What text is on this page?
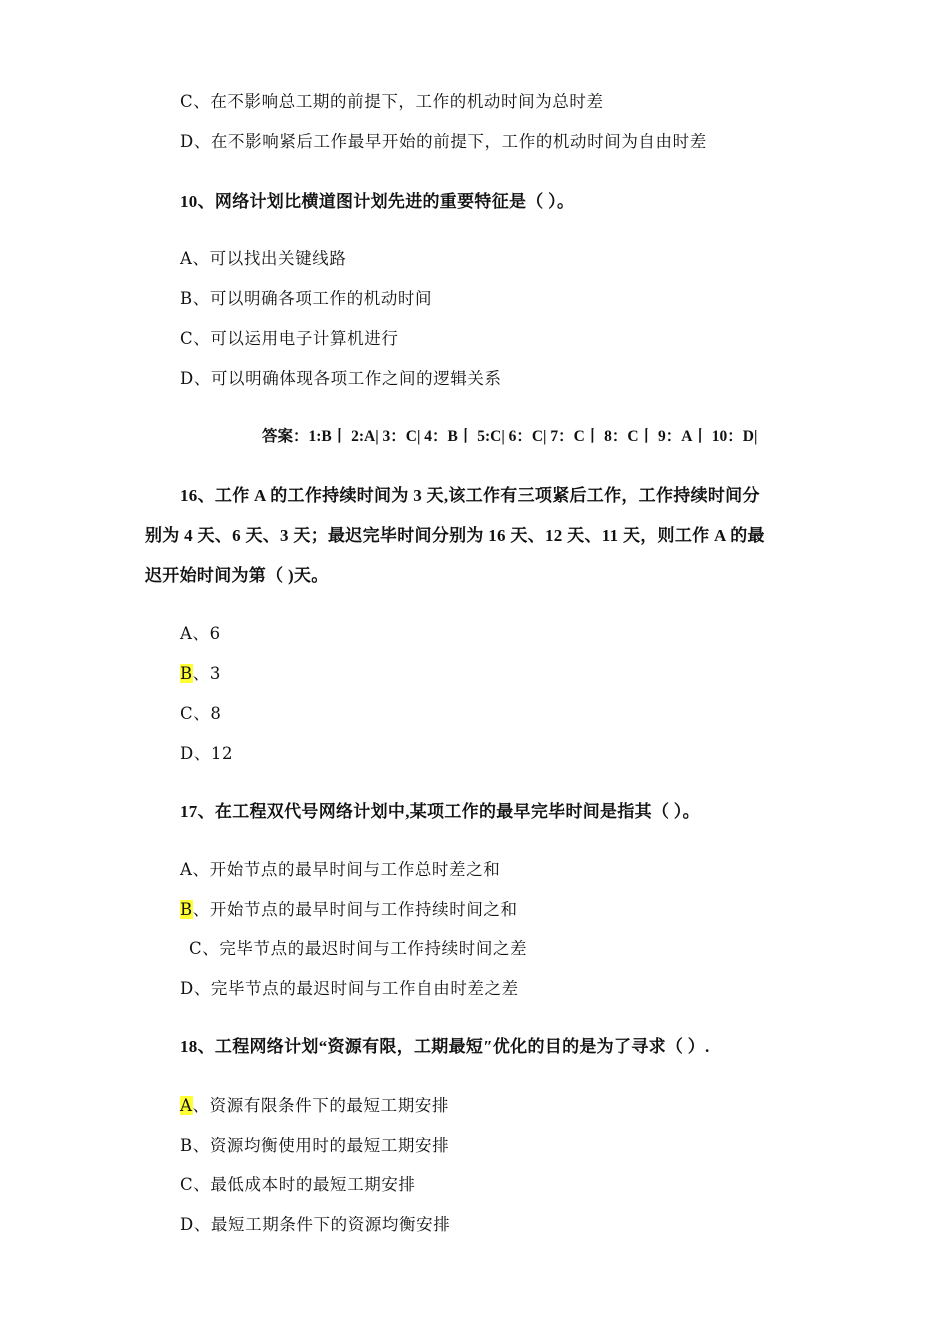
C、在不影响总工期的前提下，工作的机动时间为总时差
D、在不影响紧后工作最早开始的前提下，工作的机动时间为自由时差
10、网络计划比横道图计划先进的重要特征是（ ）。
A、可以找出关键线路
B、可以明确各项工作的机动时间
C、可以运用电子计算机进行
D、可以明确体现各项工作之间的逻辑关系
答案：1:B丨 2:A| 3：C| 4：B丨 5:C| 6：C| 7：C丨 8：C丨 9：A丨 10：D|
16、工作 A 的工作持续时间为 3 天,该工作有三项紧后工作，工作持续时间分
别为 4 天、6 天、3 天；最迟完毕时间分别为 16 天、12 天、11 天，则工作 A 的最
迟开始时间为第（ )天。
A、6
B、3
C、8
D、12
17、在工程双代号网络计划中,某项工作的最早完毕时间是指其（ ）。
A、开始节点的最早时间与工作总时差之和
B、开始节点的最早时间与工作持续时间之和
C、完毕节点的最迟时间与工作持续时间之差
D、完毕节点的最迟时间与工作自由时差之差
18、工程网络计划“资源有限，工期最短″优化的目的是为了寻求（ ）.
A、资源有限条件下的最短工期安排
B、资源均衡使用时的最短工期安排
C、最低成本时的最短工期安排
D、最短工期条件下的资源均衡安排
